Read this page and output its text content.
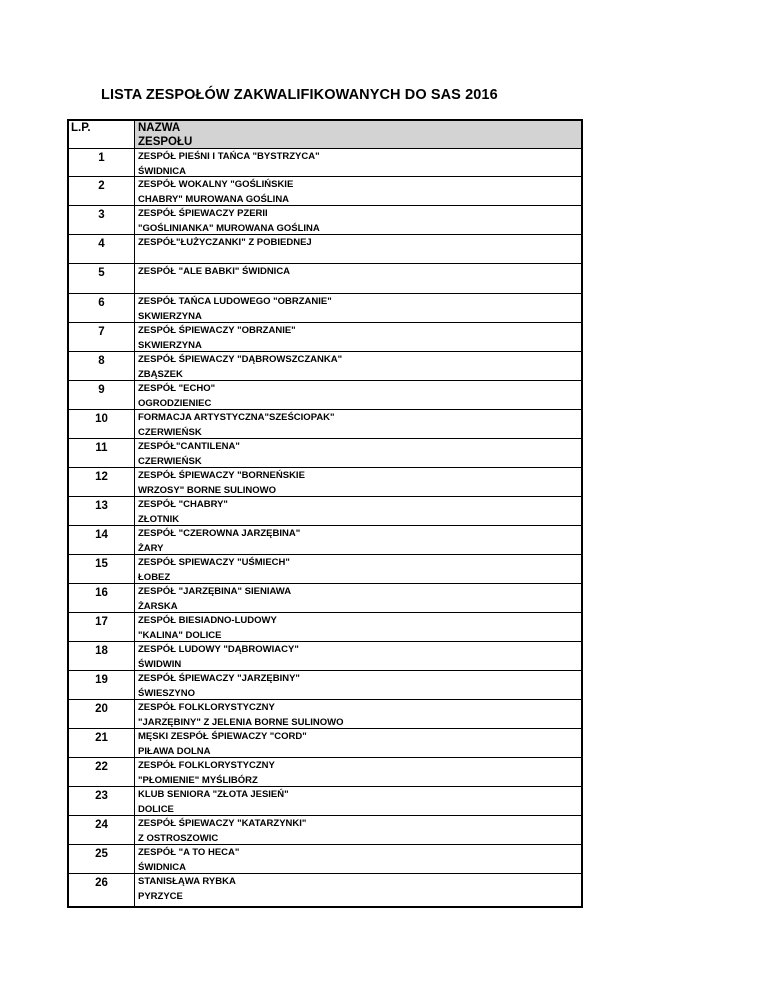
LISTA ZESPOŁÓW ZAKWALIFIKOWANYCH DO SAS 2016
L.P.	NAZWA ZESPOŁU
1	ZESPÓŁ PIEŚNI I TAŃCA "BYSTRZYCA"
ŚWIDNICA
2	ZESPÓŁ WOKALNY "GOŚLIŃSKIE
CHABRY" MUROWANA GOŚLINA
3	ZESPÓŁ ŚPIEWACZY PZERII
"GOŚLINIANKA" MUROWANA GOŚLINA
4	ZESPÓŁ"ŁUŻYCZANKI" Z POBIEDNEJ
5	ZESPÓŁ "ALE BABKI" ŚWIDNICA
6	ZESPÓŁ TAŃCA LUDOWEGO "OBRZANIE"
SKWIERZYNA
7	ZESPÓŁ ŚPIEWACZY "OBRZANIE"
SKWIERZYNA
8	ZESPÓŁ ŚPIEWACZY "DĄBROWSZCZANKA"
ZBĄSZEK
9	ZESPÓŁ "ECHO"
OGRODZIENIEC
10	FORMACJA ARTYSTYCZNA"SZEŚCIOPAK"
CZERWIEŃSK
11	ZESPÓŁ"CANTILENA"
CZERWIEŃSK
12	ZESPÓŁ ŚPIEWACZY "BORNEŃSKIE
WRZOSY" BORNE SULINOWO
13	ZESPÓŁ "CHABRY"
ZŁOTNIK
14	ZESPÓŁ "CZEROWNA JARZĘBINA"
ŻARY
15	ZESPÓŁ SPIEWACZY "UŚMIECH"
ŁOBEZ
16	ZESPÓŁ "JARZĘBINA" SIENIAWA
ŻARSKA
17	ZESPÓŁ BIESIADNO-LUDOWY
"KALINA" DOLICE
18	ZESPÓŁ LUDOWY "DĄBROWIACY"
ŚWIDWIN
19	ZESPÓŁ ŚPIEWACZY "JARZĘBINY"
ŚWIESZYNO
20	ZESPÓŁ FOLKLORYSTYCZNY
"JARZĘBINY" Z JELENIA BORNE SULINOWO
21	MĘSKI ZESPÓŁ ŚPIEWACZY "CORD"
PIŁAWA DOLNA
22	ZESPÓŁ FOLKLORYSTYCZNY
"PŁOMIENIE" MYŚLIBÓRZ
23	KLUB SENIORA "ZŁOTA JESIEŃ"
DOLICE
24	ZESPÓŁ ŚPIEWACZY "KATARZYNKI"
Z OSTROSZOWIC
25	ZESPÓŁ "A TO HECA"
ŚWIDNICA
26	STANISŁĄWA RYBKA
PYRZYCE
